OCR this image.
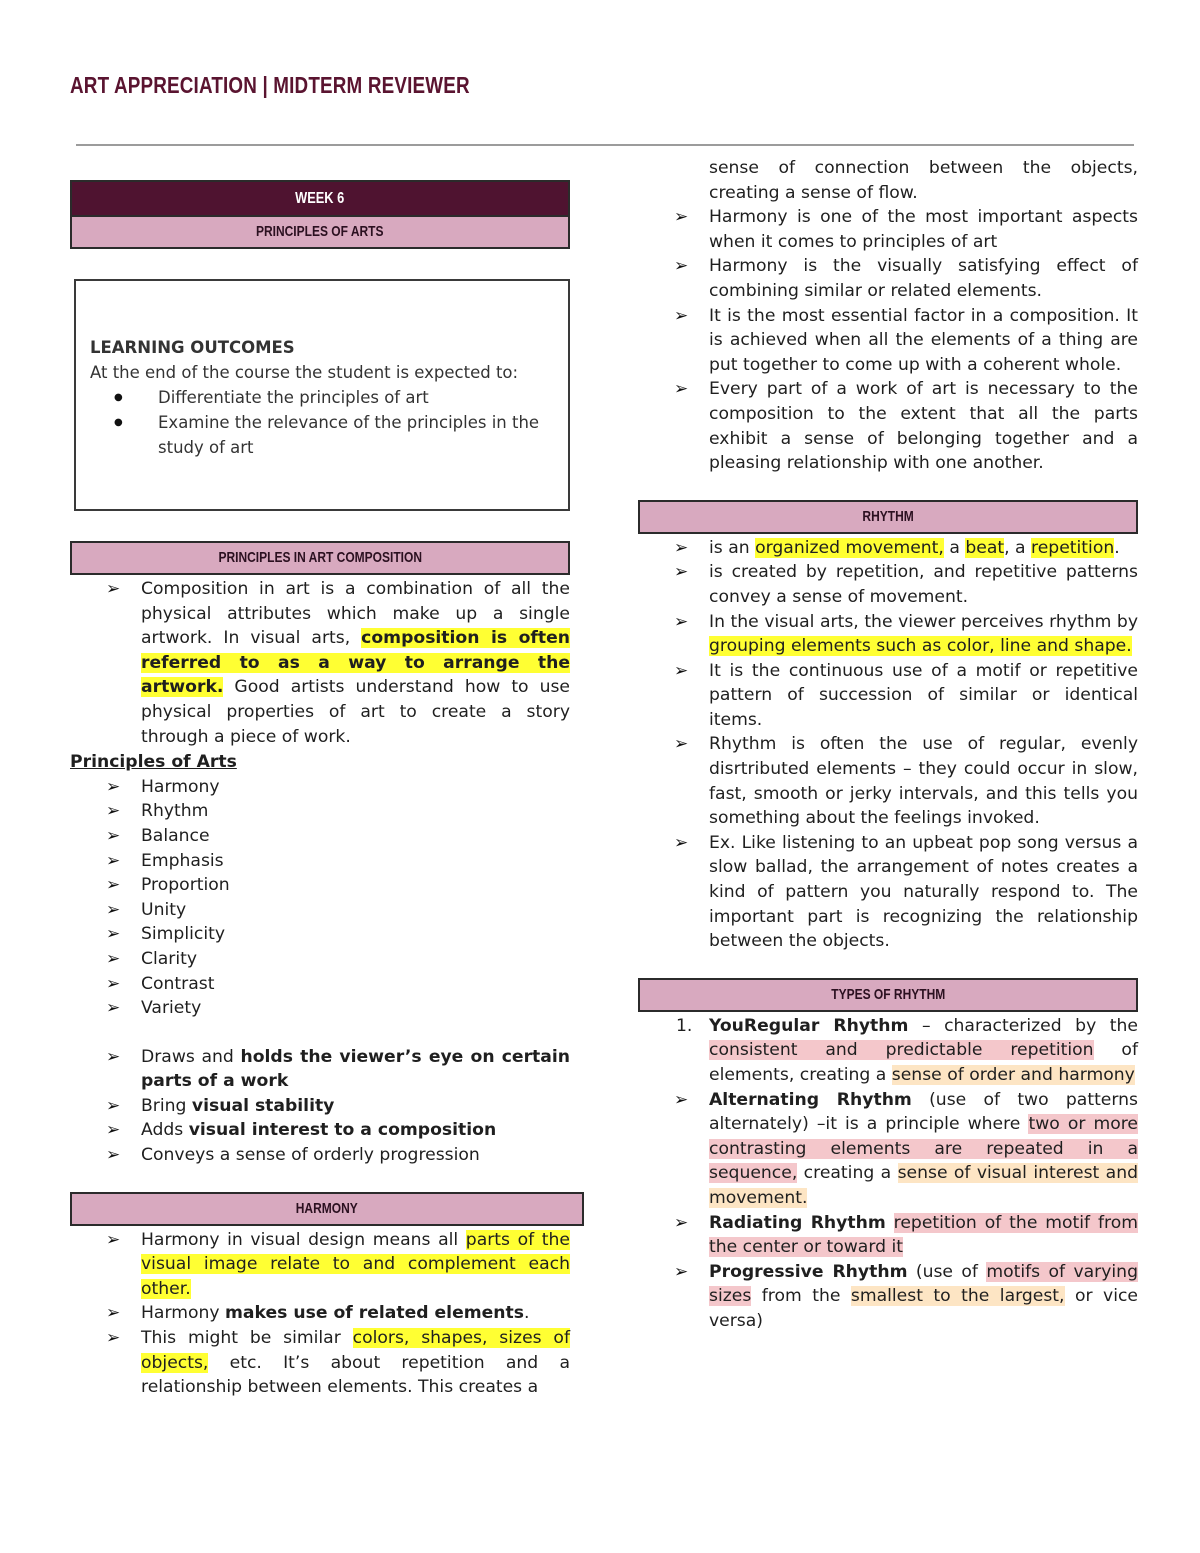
ART APPRECIATION | MIDTERM REVIEWER
WEEK 6
PRINCIPLES OF ARTS
LEARNING OUTCOMES
At the end of the course the student is expected to:
● Differentiate the principles of art
● Examine the relevance of the principles in the study of art
PRINCIPLES IN ART COMPOSITION
➢ Composition in art is a combination of all the physical attributes which make up a single artwork. In visual arts, composition is often referred to as a way to arrange the artwork. Good artists understand how to use physical properties of art to create a story through a piece of work.
Principles of Arts
➢ Harmony
➢ Rhythm
➢ Balance
➢ Emphasis
➢ Proportion
➢ Unity
➢ Simplicity
➢ Clarity
➢ Contrast
➢ Variety
➢ Draws and holds the viewer’s eye on certain parts of a work
➢ Bring visual stability
➢ Adds visual interest to a composition
➢ Conveys a sense of orderly progression
HARMONY
➢ Harmony in visual design means all parts of the visual image relate to and complement each other.
➢ Harmony makes use of related elements.
➢ This might be similar colors, shapes, sizes of objects, etc. It’s about repetition and a relationship between elements. This creates a
sense of connection between the objects, creating a sense of flow.
➢ Harmony is one of the most important aspects when it comes to principles of art
➢ Harmony is the visually satisfying effect of combining similar or related elements.
➢ It is the most essential factor in a composition. It is achieved when all the elements of a thing are put together to come up with a coherent whole.
➢ Every part of a work of art is necessary to the composition to the extent that all the parts exhibit a sense of belonging together and a pleasing relationship with one another.
RHYTHM
➢ is an organized movement, a beat, a repetition.
➢ is created by repetition, and repetitive patterns convey a sense of movement.
➢ In the visual arts, the viewer perceives rhythm by grouping elements such as color, line and shape.
➢ It is the continuous use of a motif or repetitive pattern of succession of similar or identical items.
➢ Rhythm is often the use of regular, evenly disrtributed elements – they could occur in slow, fast, smooth or jerky intervals, and this tells you something about the feelings invoked.
➢ Ex. Like listening to an upbeat pop song versus a slow ballad, the arrangement of notes creates a kind of pattern you naturally respond to. The important part is recognizing the relationship between the objects.
TYPES OF RHYTHM
1. YouRegular Rhythm – characterized by the consistent and predictable repetition of elements, creating a sense of order and harmony
➢ Alternating Rhythm (use of two patterns alternately) –it is a principle where two or more contrasting elements are repeated in a sequence, creating a sense of visual interest and movement.
➢ Radiating Rhythm repetition of the motif from the center or toward it
➢ Progressive Rhythm (use of motifs of varying sizes from the smallest to the largest, or vice versa)
